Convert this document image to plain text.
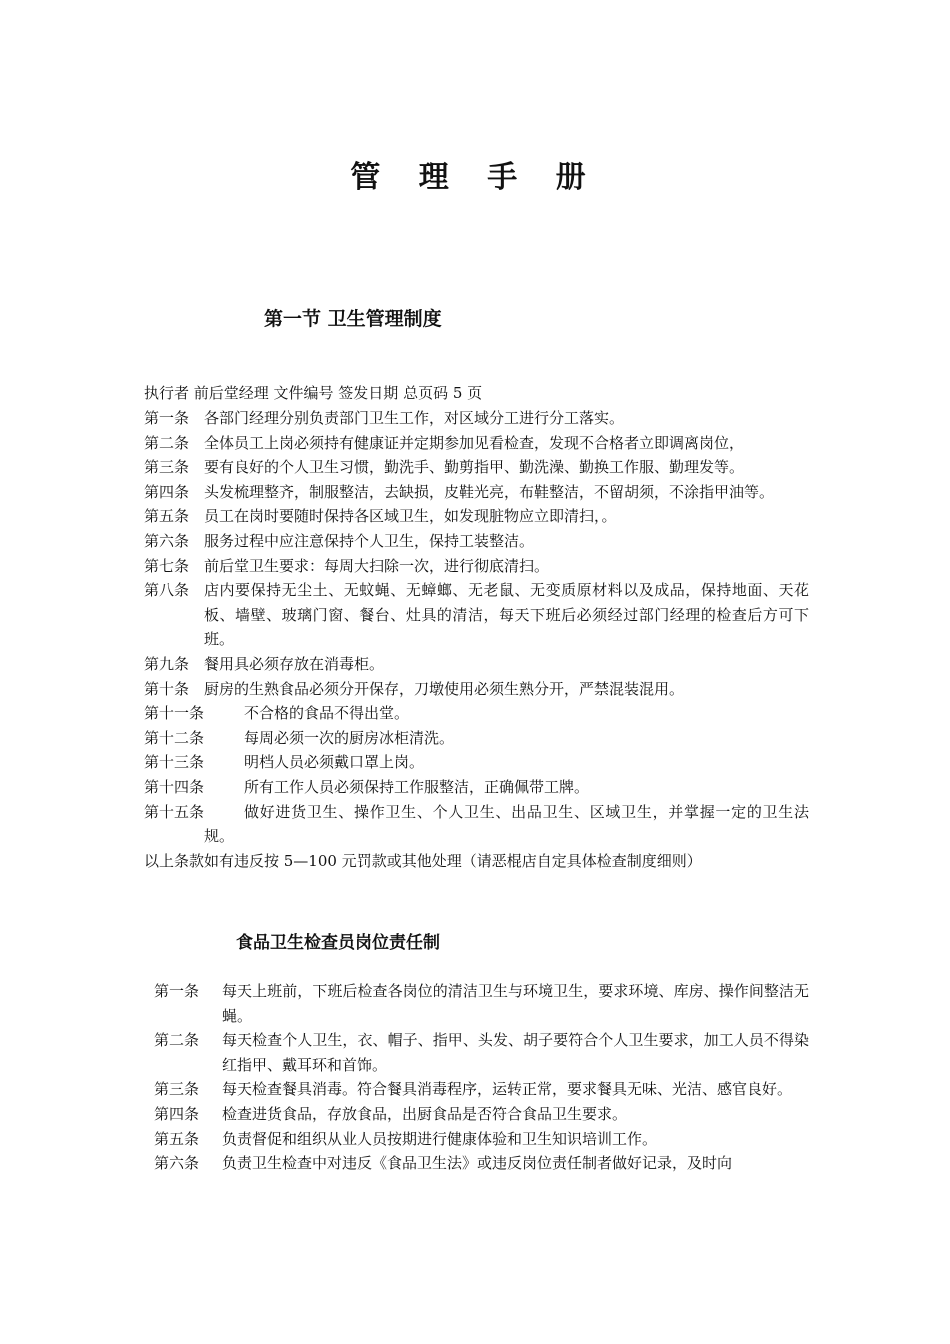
管 理 手 册
第一节 卫生管理制度
执行者 前后堂经理 文件编号 签发日期 总页码 5 页
第一条 各部门经理分别负责部门卫生工作，对区域分工进行分工落实。
第二条 全体员工上岗必须持有健康证并定期参加见看检查，发现不合格者立即调离岗位，
第三条 要有良好的个人卫生习惯，勤洗手、勤剪指甲、勤洗澡、勤换工作服、勤理发等。
第四条 头发梳理整齐，制服整洁，去缺损，皮鞋光亮，布鞋整洁，不留胡须，不涂指甲油等。
第五条 员工在岗时要随时保持各区域卫生，如发现脏物应立即清扫，。
第六条 服务过程中应注意保持个人卫生，保持工装整洁。
第七条 前后堂卫生要求：每周大扫除一次，进行彻底清扫。
第八条 店内要保持无尘土、无蚊蝇、无蟑螂、无老鼠、无变质原材料以及成品，保持地面、天花板、墙壁、玻璃门窗、餐台、灶具的清洁，每天下班后必须经过部门经理的检查后方可下班。
第九条 餐用具必须存放在消毒柜。
第十条 厨房的生熟食品必须分开保存，刀墩使用必须生熟分开，严禁混装混用。
第十一条	不合格的食品不得出堂。
第十二条	每周必须一次的厨房冰柜清洗。
第十三条	明档人员必须戴口罩上岗。
第十四条	所有工作人员必须保持工作服整洁，正确佩带工牌。
第十五条	做好进货卫生、操作卫生、个人卫生、出品卫生、区域卫生，并掌握一定的卫生法规。

以上条款如有违反按 5—100 元罚款或其他处理（请恶棍店自定具体检查制度细则）

食品卫生检查员岗位责任制
第一条 每天上班前，下班后检查各岗位的清洁卫生与环境卫生，要求环境、库房、操作间整洁无蝇。
第二条 每天检查个人卫生，衣、帽子、指甲、头发、胡子要符合个人卫生要求，加工人员不得染红指甲、戴耳环和首饰。
第三条 每天检查餐具消毒。符合餐具消毒程序，运转正常，要求餐具无味、光洁、感官良好。
第四条 检查进货食品，存放食品，出厨食品是否符合食品卫生要求。
第五条 负责督促和组织从业人员按期进行健康体验和卫生知识培训工作。
第六条 负责卫生检查中对违反《食品卫生法》或违反岗位责任制者做好记录，及时向
